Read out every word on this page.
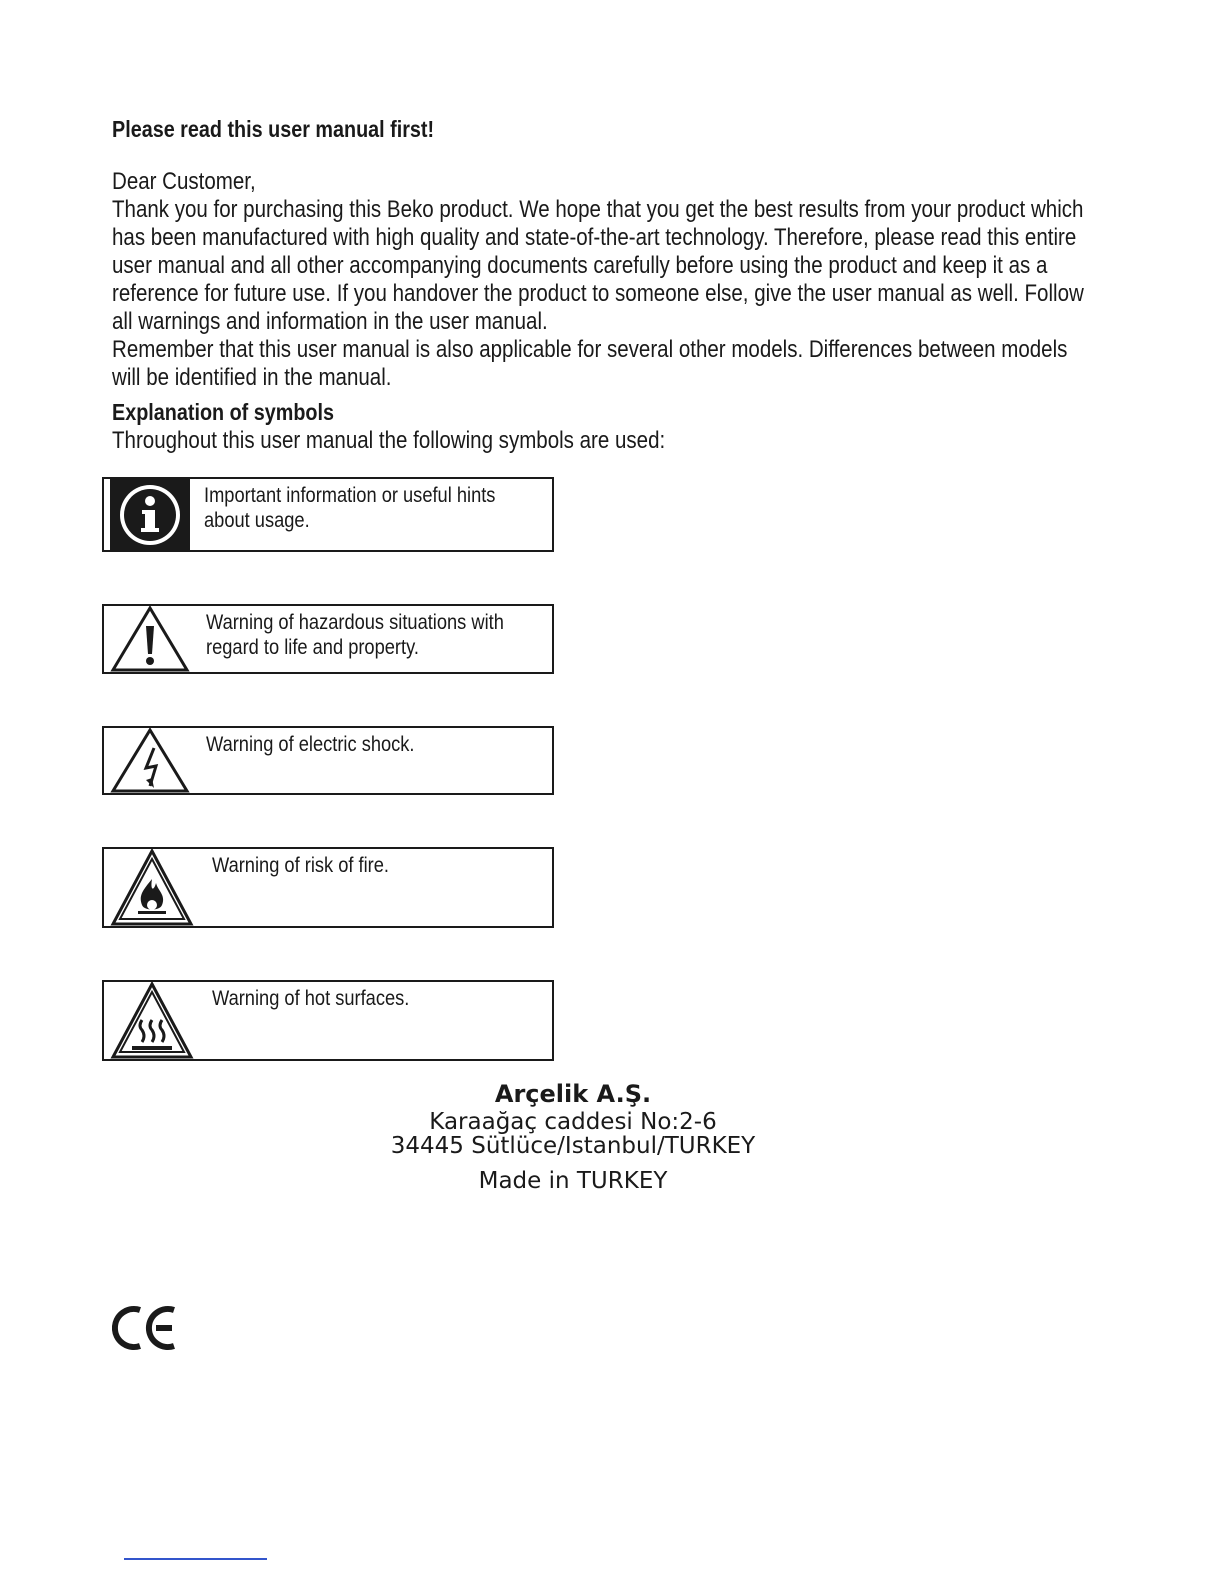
Please read this user manual first!

Dear Customer,

Thank you for purchasing this Beko product. We hope that you get the best results from your product which has been manufactured with high quality and state-of-the-art technology. Therefore, please read this entire user manual and all other accompanying documents carefully before using the product and keep it as a reference for future use. If you handover the product to someone else, give the user manual as well. Follow all warnings and information in the user manual.
Remember that this user manual is also applicable for several other models. Differences between models will be identified in the manual.

Explanation of symbols

Throughout this user manual the following symbols are used:

Important information or useful hints about usage.

Warning of hazardous situations with regard to life and property.

Warning of electric shock.

Warning of risk of fire.

Warning of hot surfaces.

Arçelik A.Ş.

Karaağaç caddesi No:2-6

34445 Sütlüce/Istanbul/TURKEY

Made in TURKEY
